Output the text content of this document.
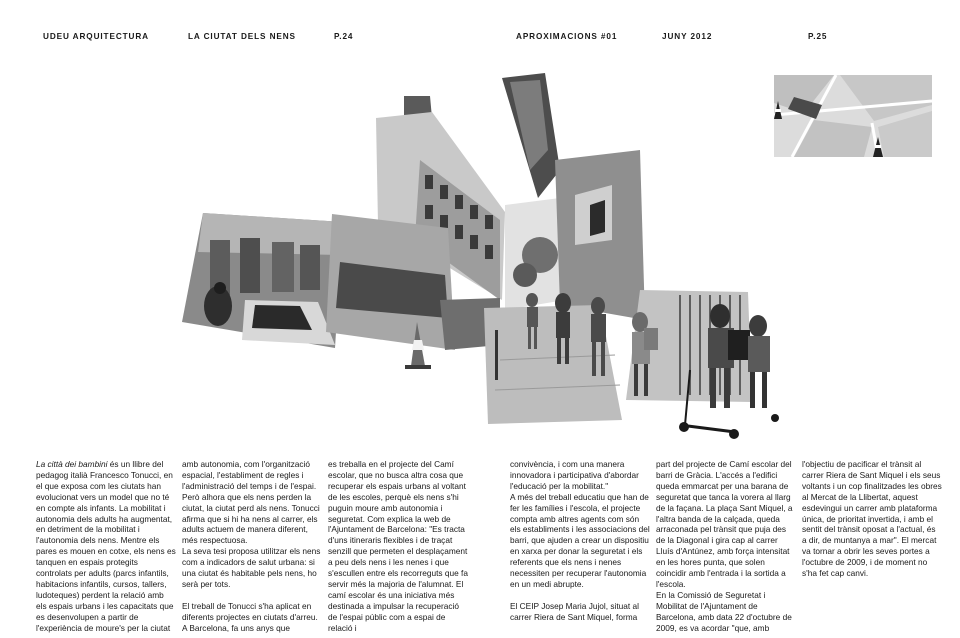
UDEU ARQUITECTURA	LA CIUTAT DELS NENS	P.24	APROXIMACIONS #01	JUNY 2012	P.25

La città dei bambini és un llibre del pedagog italià Francesco Tonucci, en el que exposa com les ciutats han evolucionat vers un model que no té en compte als infants. La mobilitat i autonomia dels adults ha augmentat, en detriment de la mobilitat i l'autonomia dels nens. Mentre els pares es mouen en cotxe, els nens es tanquen en espais protegits controlats per adults (parcs infantils, habitacions infantils, cursos, tallers, ludoteques) perdent la relació amb els espais urbans i les capacitats que es desenvolupen a partir de l'experiència de moure's per la ciutat

amb autonomia, com l'organització espacial, l'establiment de regles i l'administració del temps i de l'espai. Però alhora que els nens perden la ciutat, la ciutat perd als nens. Tonucci afirma que si hi ha nens al carrer, els adults actuem de manera diferent, més respectuosa.

La seva tesi proposa utilitzar els nens com a indicadors de salut urbana: si una ciutat és habitable pels nens, ho serà per tots.

El treball de Tonucci s'ha aplicat en diferents projectes en ciutats d'arreu. A Barcelona, fa uns anys que

es treballa en el projecte del Camí escolar, que no busca altra cosa que recuperar els espais urbans al voltant de les escoles, perquè els nens s'hi puguin moure amb autonomia i seguretat. Com explica la web de l'Ajuntament de Barcelona: "Es tracta d'uns itineraris flexibles i de traçat senzill que permeten el desplaçament a peu dels nens i les nenes i que s'escullen entre els recorreguts que fa servir més la majoria de l'alumnat. El camí escolar és una iniciativa més destinada a impulsar la recuperació de l'espai públic com a espai de relació i

convivència, i com una manera innovadora i participativa d'abordar l'educació per la mobilitat."

A més del treball educatiu que han de fer les famílies i l'escola, el projecte compta amb altres agents com són els establiments i les associacions del barri, que ajuden a crear un dispositiu en xarxa per donar la seguretat i els referents que els nens i nenes necessiten per recuperar l'autonomia en un medi abrupte.

El CEIP Josep Maria Jujol, situat al carrer Riera de Sant Miquel, forma

part del projecte de Camí escolar del barri de Gràcia. L'accés a l'edifici queda emmarcat per una barana de seguretat que tanca la vorera al llarg de la façana. La plaça Sant Miquel, a l'altra banda de la calçada, queda arraconada pel trànsit que puja des de la Diagonal i gira cap al carrer Lluís d'Antúnez, amb força intensitat en les hores punta, que solen coincidir amb l'entrada i la sortida a l'escola.

En la Comissió de Seguretat i Mobilitat de l'Ajuntament de Barcelona, amb data 22 d'octubre de 2009, es va acordar "que, amb

l'objectiu de pacificar el trànsit al carrer Riera de Sant Miquel i els seus voltants i un cop finalitzades les obres al Mercat de la Llibertat, aquest esdevingui un carrer amb plataforma única, de prioritat invertida, i amb el sentit del trànsit oposat a l'actual, és a dir, de muntanya a mar". El mercat va tornar a obrir les seves portes a l'octubre de 2009, i de moment no s'ha fet cap canvi.
